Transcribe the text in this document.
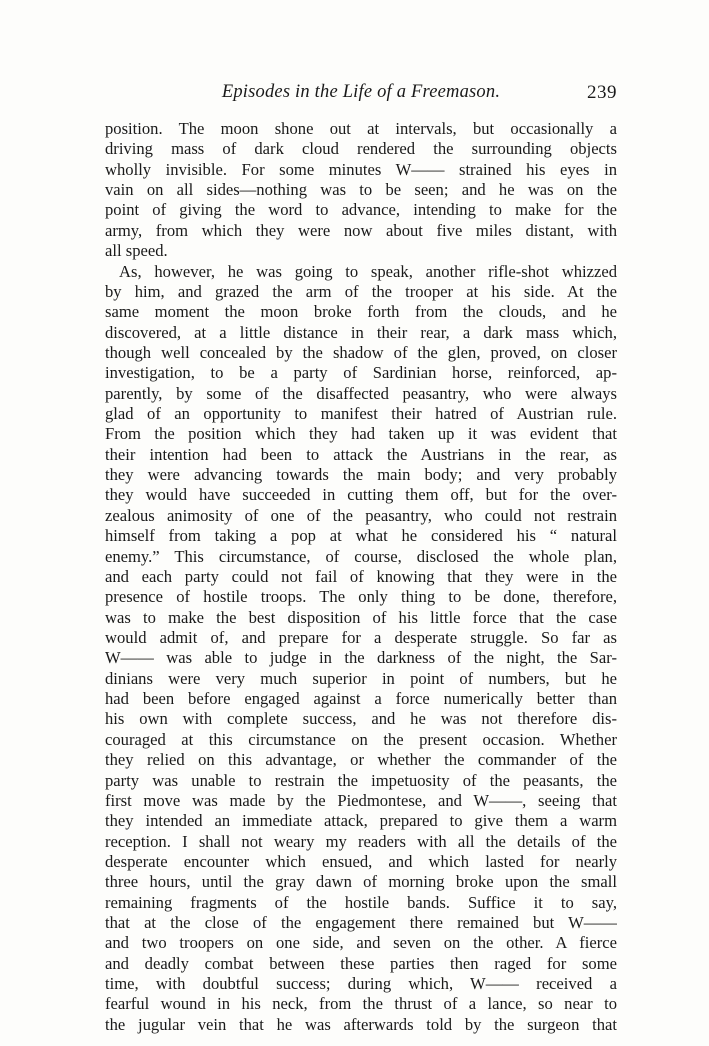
Episodes in the Life of a Freemason.	239
position. The moon shone out at intervals, but occasionally a
driving mass of dark cloud rendered the surrounding objects
wholly invisible. For some minutes W—— strained his eyes in
vain on all sides—nothing was to be seen; and he was on the
point of giving the word to advance, intending to make for the
army, from which they were now about five miles distant, with
all speed.
As, however, he was going to speak, another rifle-shot whizzed
by him, and grazed the arm of the trooper at his side. At the
same moment the moon broke forth from the clouds, and he
discovered, at a little distance in their rear, a dark mass which,
though well concealed by the shadow of the glen, proved, on closer
investigation, to be a party of Sardinian horse, reinforced, ap-
parently, by some of the disaffected peasantry, who were always
glad of an opportunity to manifest their hatred of Austrian rule.
From the position which they had taken up it was evident that
their intention had been to attack the Austrians in the rear, as
they were advancing towards the main body; and very probably
they would have succeeded in cutting them off, but for the over-
zealous animosity of one of the peasantry, who could not restrain
himself from taking a pop at what he considered his “ natural
enemy.” This circumstance, of course, disclosed the whole plan,
and each party could not fail of knowing that they were in the
presence of hostile troops. The only thing to be done, therefore,
was to make the best disposition of his little force that the case
would admit of, and prepare for a desperate struggle. So far as
W—— was able to judge in the darkness of the night, the Sar-
dinians were very much superior in point of numbers, but he
had been before engaged against a force numerically better than
his own with complete success, and he was not therefore dis-
couraged at this circumstance on the present occasion. Whether
they relied on this advantage, or whether the commander of the
party was unable to restrain the impetuosity of the peasants, the
first move was made by the Piedmontese, and W——, seeing that
they intended an immediate attack, prepared to give them a warm
reception. I shall not weary my readers with all the details of the
desperate encounter which ensued, and which lasted for nearly
three hours, until the gray dawn of morning broke upon the small
remaining fragments of the hostile bands. Suffice it to say,
that at the close of the engagement there remained but W——
and two troopers on one side, and seven on the other. A fierce
and deadly combat between these parties then raged for some
time, with doubtful success; during which, W—— received a
fearful wound in his neck, from the thrust of a lance, so near to
the jugular vein that he was afterwards told by the surgeon that
